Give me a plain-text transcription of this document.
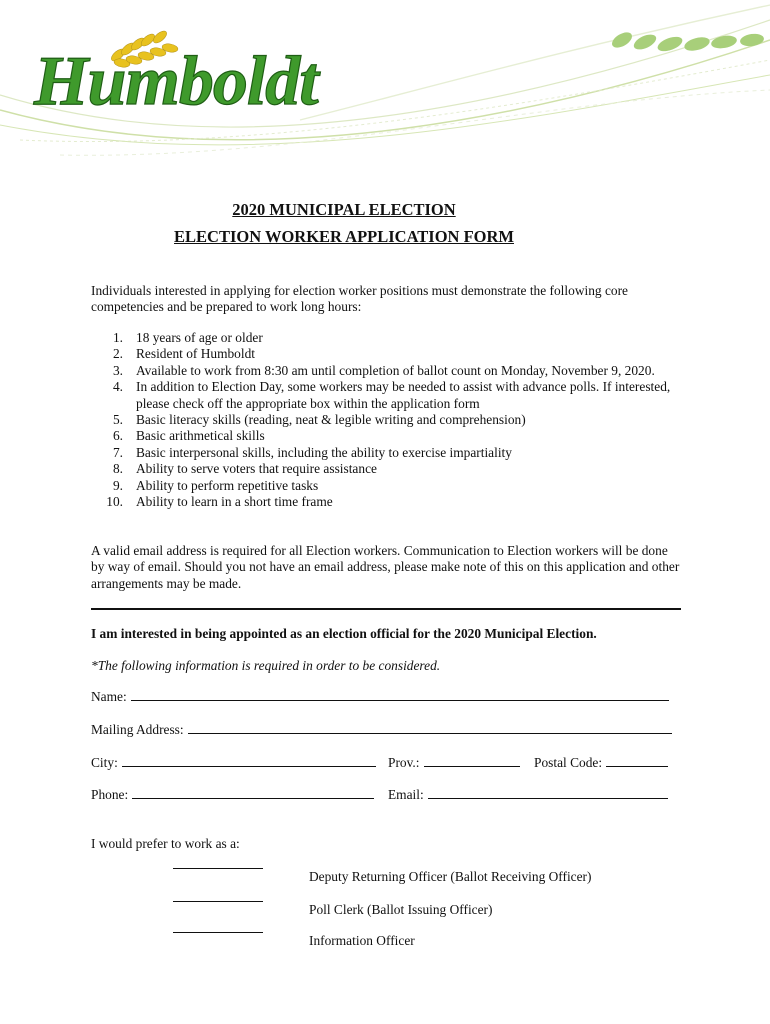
Humboldt
2020 MUNICIPAL ELECTION
ELECTION WORKER APPLICATION FORM
Individuals interested in applying for election worker positions must demonstrate the following core competencies and be prepared to work long hours:
1. 18 years of age or older
2. Resident of Humboldt
3. Available to work from 8:30 am until completion of ballot count on Monday, November 9, 2020.
4. In addition to Election Day, some workers may be needed to assist with advance polls. If interested, please check off the appropriate box within the application form
5. Basic literacy skills (reading, neat & legible writing and comprehension)
6. Basic arithmetical skills
7. Basic interpersonal skills, including the ability to exercise impartiality
8. Ability to serve voters that require assistance
9. Ability to perform repetitive tasks
10. Ability to learn in a short time frame
A valid email address is required for all Election workers. Communication to Election workers will be done by way of email. Should you not have an email address, please make note of this on this application and other arrangements may be made.
I am interested in being appointed as an election official for the 2020 Municipal Election.
*The following information is required in order to be considered.
Name:
Mailing Address:
City:	Prov.:	Postal Code:
Phone:	Email:
I would prefer to work as a:
Deputy Returning Officer (Ballot Receiving Officer)
Poll Clerk (Ballot Issuing Officer)
Information Officer
